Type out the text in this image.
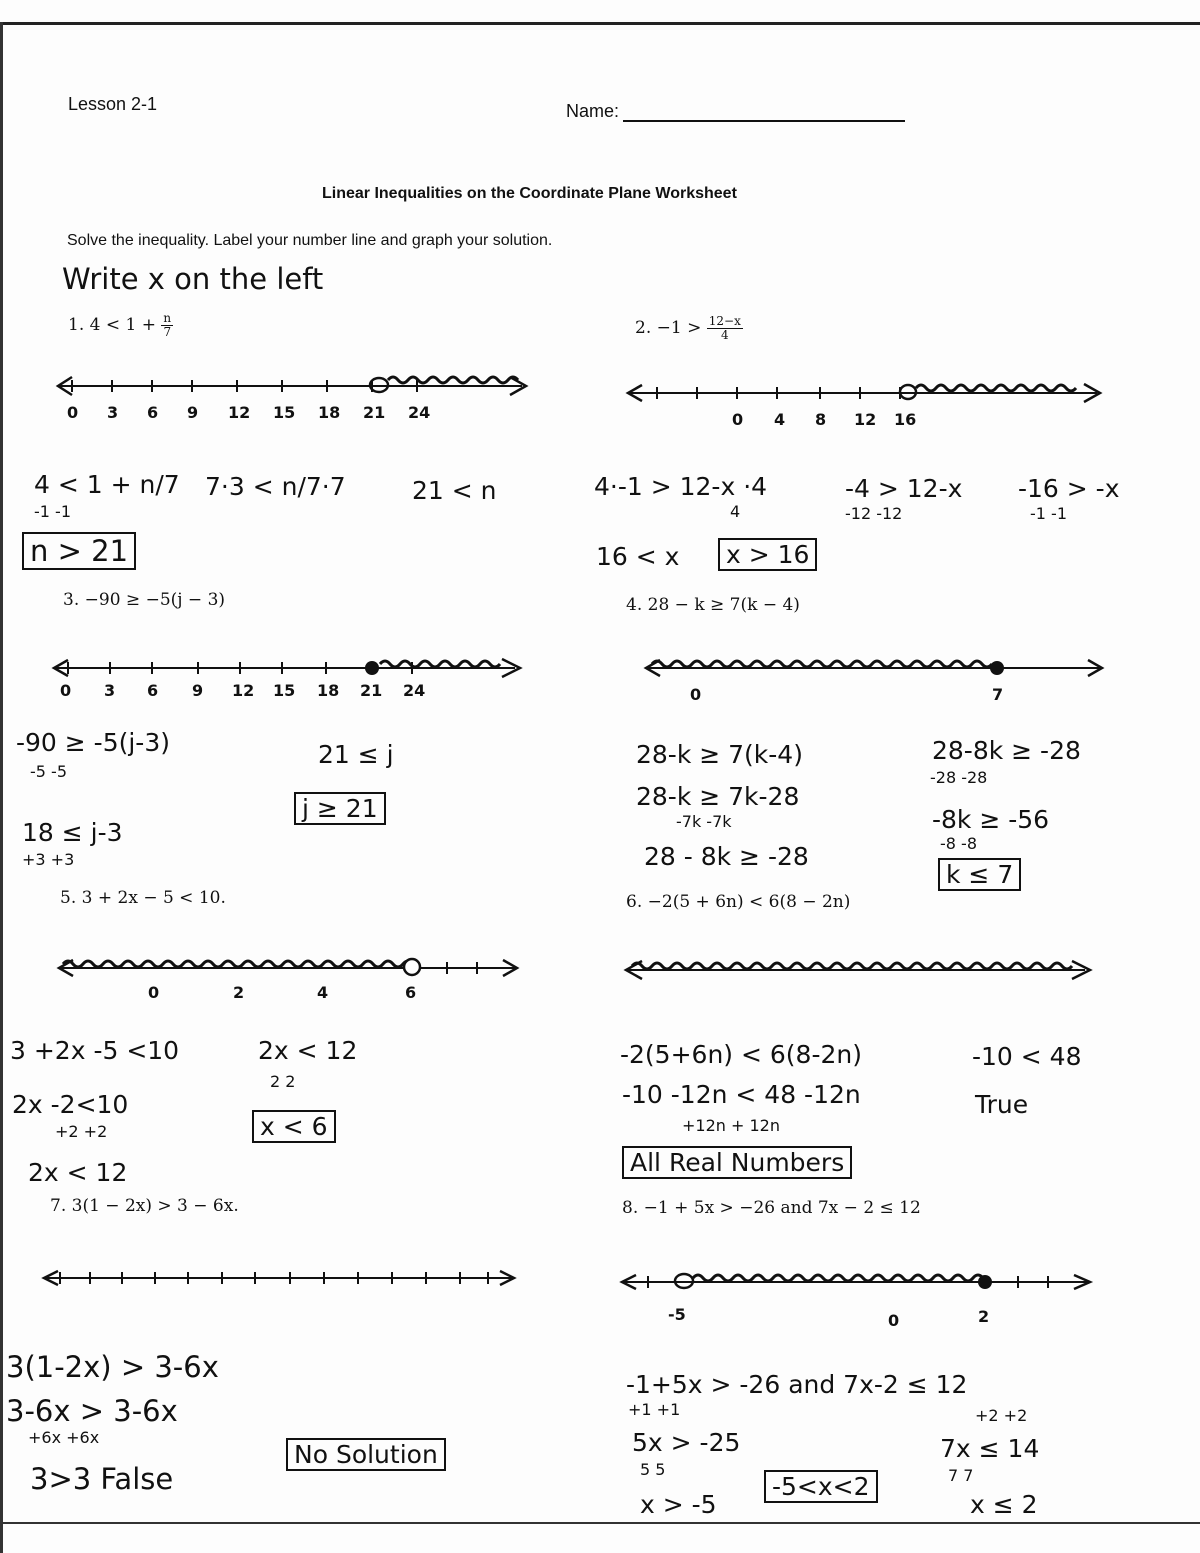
Lesson 2-1	Name:
Linear Inequalities on the Coordinate Plane Worksheet
Solve the inequality. Label your number line and graph your solution.
Write x on the left
1. $4 < 1 + \frac{n}{7}$
0 3 6 9 12 15 18 21 24
4 < 1 + n/7
-1 -1
7·3 < n/7·7	21 < n
n > 21
2. $-1 > \frac{12-x}{4}$
0 4 8 12 16
4·-1 > 12-x ·4
4
-4 > 12-x
-12 -12
-16 > -x
-1 -1
16 < x	x > 16
3. −90 ≥ −5(j − 3)
0 3 6 9 12 15 18 21 24
-90 ≥ -5(j-3)
-5 -5
18 ≤ j-3
+3 +3
21 ≤ j
j ≥ 21
4. 28 − k ≥ 7(k − 4)
0	7
28-k ≥ 7(k-4)
28-k ≥ 7k-28
-7k -7k
28 - 8k ≥ -28
28-8k ≥ -28
-28 -28
-8k ≥ -56
-8 -8
k ≤ 7
5. 3 + 2x − 5 < 10.
0	2	4	6
3 +2x -5 <10
2x -2<10
+2 +2
2x < 12
2x < 12
2 2
x < 6
6. −2(5 + 6n) < 6(8 − 2n)
-2(5+6n) < 6(8-2n)
-10 -12n < 48 -12n
+12n + 12n
-10 < 48
True
All Real Numbers
7. 3(1 − 2x) > 3 − 6x.
3(1-2x) > 3-6x
3-6x > 3-6x
+6x +6x
3>3 False
No Solution
8. −1 + 5x > −26 and 7x − 2 ≤ 12
-5	0	2
-1+5x > -26 and 7x-2 ≤ 12
+1 +1	+2 +2
5x > -25
5 5
7x ≤ 14
7 7
x > -5	x ≤ 2
-5<x<2
